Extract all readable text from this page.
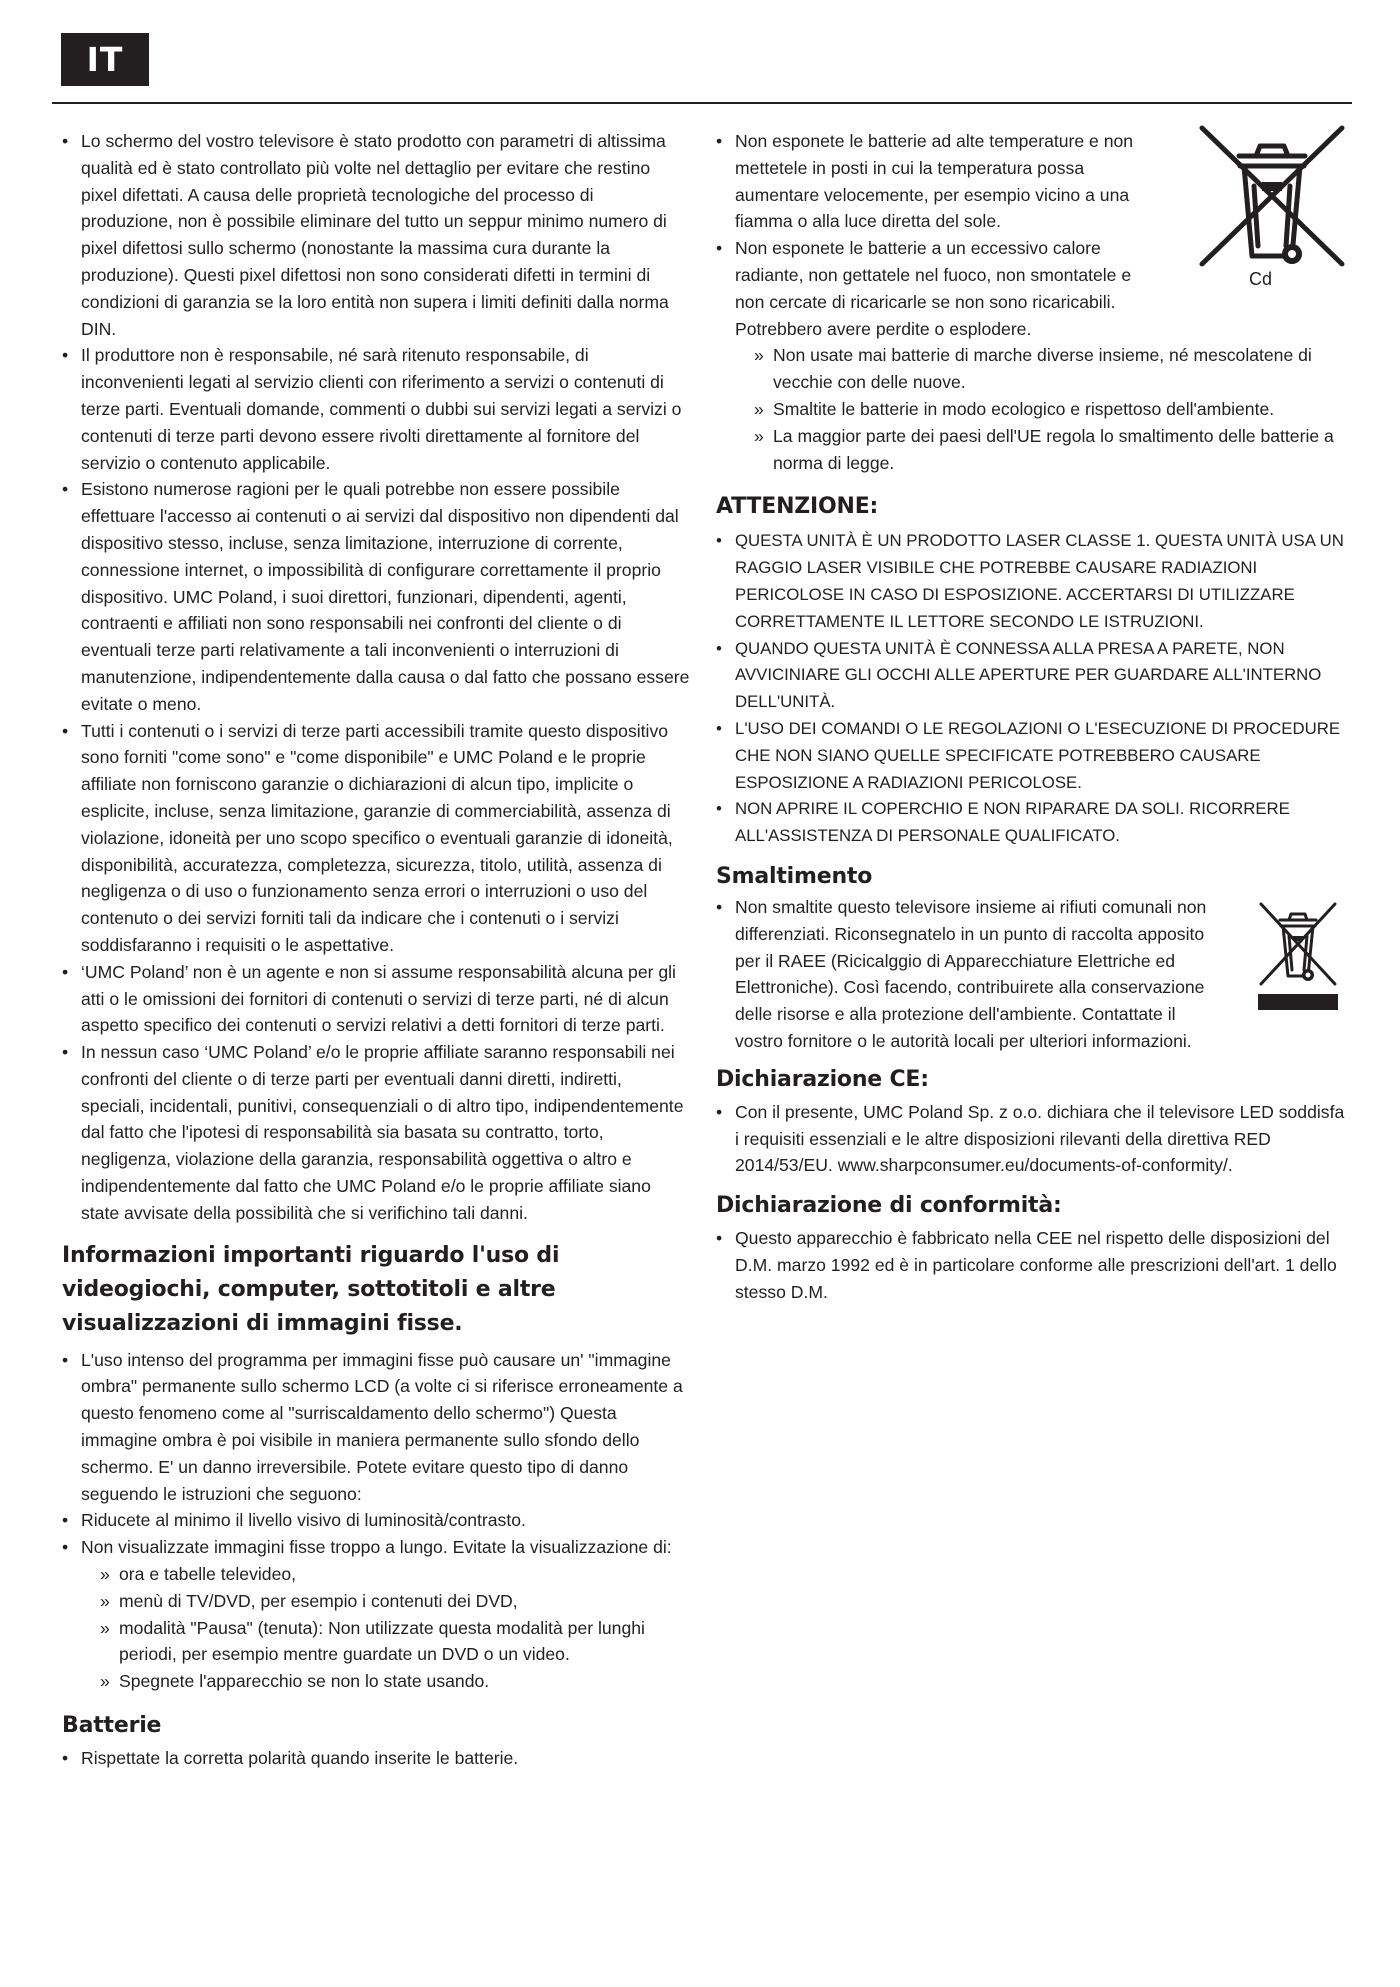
IT
• Lo schermo del vostro televisore è stato prodotto con parametri di altissima qualità ed è stato controllato più volte nel dettaglio per evitare che restino pixel difettati. A causa delle proprietà tecnologiche del processo di produzione, non è possibile eliminare del tutto un seppur minimo numero di pixel difettosi sullo schermo (nonostante la massima cura durante la produzione). Questi pixel difettosi non sono considerati difetti in termini di condizioni di garanzia se la loro entità non supera i limiti definiti dalla norma DIN.
• Il produttore non è responsabile, né sarà ritenuto responsabile, di inconvenienti legati al servizio clienti con riferimento a servizi o contenuti di terze parti. Eventuali domande, commenti o dubbi sui servizi legati a servizi o contenuti di terze parti devono essere rivolti direttamente al fornitore del servizio o contenuto applicabile.
• Esistono numerose ragioni per le quali potrebbe non essere possibile effettuare l'accesso ai contenuti o ai servizi dal dispositivo non dipendenti dal dispositivo stesso, incluse, senza limitazione, interruzione di corrente, connessione internet, o impossibilità di configurare correttamente il proprio dispositivo. UMC Poland, i suoi direttori, funzionari, dipendenti, agenti, contraenti e affiliati non sono responsabili nei confronti del cliente o di eventuali terze parti relativamente a tali inconvenienti o interruzioni di manutenzione, indipendentemente dalla causa o dal fatto che possano essere evitate o meno.
• Tutti i contenuti o i servizi di terze parti accessibili tramite questo dispositivo sono forniti "come sono" e "come disponibile" e UMC Poland e le proprie affiliate non forniscono garanzie o dichiarazioni di alcun tipo, implicite o esplicite, incluse, senza limitazione, garanzie di commerciabilità, assenza di violazione, idoneità per uno scopo specifico o eventuali garanzie di idoneità, disponibilità, accuratezza, completezza, sicurezza, titolo, utilità, assenza di negligenza o di uso o funzionamento senza errori o interruzioni o uso del contenuto o dei servizi forniti tali da indicare che i contenuti o i servizi soddisfaranno i requisiti o le aspettative.
• ‘UMC Poland’ non è un agente e non si assume responsabilità alcuna per gli atti o le omissioni dei fornitori di contenuti o servizi di terze parti, né di alcun aspetto specifico dei contenuti o servizi relativi a detti fornitori di terze parti.
• In nessun caso ‘UMC Poland’ e/o le proprie affiliate saranno responsabili nei confronti del cliente o di terze parti per eventuali danni diretti, indiretti, speciali, incidentali, punitivi, consequenziali o di altro tipo, indipendentemente dal fatto che l'ipotesi di responsabilità sia basata su contratto, torto, negligenza, violazione della garanzia, responsabilità oggettiva o altro e indipendentemente dal fatto che UMC Poland e/o le proprie affiliate siano state avvisate della possibilità che si verifichino tali danni.
Informazioni importanti riguardo l'uso di videogiochi, computer, sottotitoli e altre visualizzazioni di immagini fisse.
• L'uso intenso del programma per immagini fisse può causare un' "immagine ombra" permanente sullo schermo LCD (a volte ci si riferisce erroneamente a questo fenomeno come al "surriscaldamento dello schermo") Questa immagine ombra è poi visibile in maniera permanente sullo sfondo dello schermo. E' un danno irreversibile. Potete evitare questo tipo di danno seguendo le istruzioni che seguono:
• Riducete al minimo il livello visivo di luminosità/contrasto.
• Non visualizzate immagini fisse troppo a lungo. Evitate la visualizzazione di:
» ora e tabelle televideo,
» menù di TV/DVD, per esempio i contenuti dei DVD,
» modalità "Pausa" (tenuta): Non utilizzate questa modalità per lunghi periodi, per esempio mentre guardate un DVD o un video.
» Spegnete l'apparecchio se non lo state usando.
Batterie
• Rispettate la corretta polarità quando inserite le batterie.
• Non esponete le batterie ad alte temperature e non mettetele in posti in cui la temperatura possa aumentare velocemente, per esempio vicino a una fiamma o alla luce diretta del sole.
• Non esponete le batterie a un eccessivo calore radiante, non gettatele nel fuoco, non smontatele e non cercate di ricaricarle se non sono ricaricabili. Potrebbero avere perdite o esplodere.
Cd
» Non usate mai batterie di marche diverse insieme, né mescolatene di vecchie con delle nuove.
» Smaltite le batterie in modo ecologico e rispettoso dell'ambiente.
» La maggior parte dei paesi dell'UE regola lo smaltimento delle batterie a norma di legge.
ATTENZIONE:
• QUESTA UNITÀ È UN PRODOTTO LASER CLASSE 1. QUESTA UNITÀ USA UN RAGGIO LASER VISIBILE CHE POTREBBE CAUSARE RADIAZIONI PERICOLOSE IN CASO DI ESPOSIZIONE. ACCERTARSI DI UTILIZZARE CORRETTAMENTE IL LETTORE SECONDO LE ISTRUZIONI.
• QUANDO QUESTA UNITÀ È CONNESSA ALLA PRESA A PARETE, NON AVVICINIARE GLI OCCHI ALLE APERTURE PER GUARDARE ALL'INTERNO DELL'UNITÀ.
• L'USO DEI COMANDI O LE REGOLAZIONI O L'ESECUZIONE DI PROCEDURE CHE NON SIANO QUELLE SPECIFICATE POTREBBERO CAUSARE ESPOSIZIONE A RADIAZIONI PERICOLOSE.
• NON APRIRE IL COPERCHIO E NON RIPARARE DA SOLI. RICORRERE ALL'ASSISTENZA DI PERSONALE QUALIFICATO.
Smaltimento
• Non smaltite questo televisore insieme ai rifiuti comunali non differenziati. Riconsegnatelo in un punto di raccolta apposito per il RAEE (Ricicalggio di Apparecchiature Elettriche ed Elettroniche). Così facendo, contribuirete alla conservazione delle risorse e alla protezione dell'ambiente. Contattate il vostro fornitore o le autorità locali per ulteriori informazioni.
Dichiarazione CE:
• Con il presente, UMC Poland Sp. z o.o. dichiara che il televisore LED soddisfa i requisiti essenziali e le altre disposizioni rilevanti della direttiva RED 2014/53/EU. www.sharpconsumer.eu/documents-of-conformity/.
Dichiarazione di conformità:
• Questo apparecchio è fabbricato nella CEE nel rispetto delle disposizioni del D.M. marzo 1992 ed è in particolare conforme alle prescrizioni dell'art. 1 dello stesso D.M.
